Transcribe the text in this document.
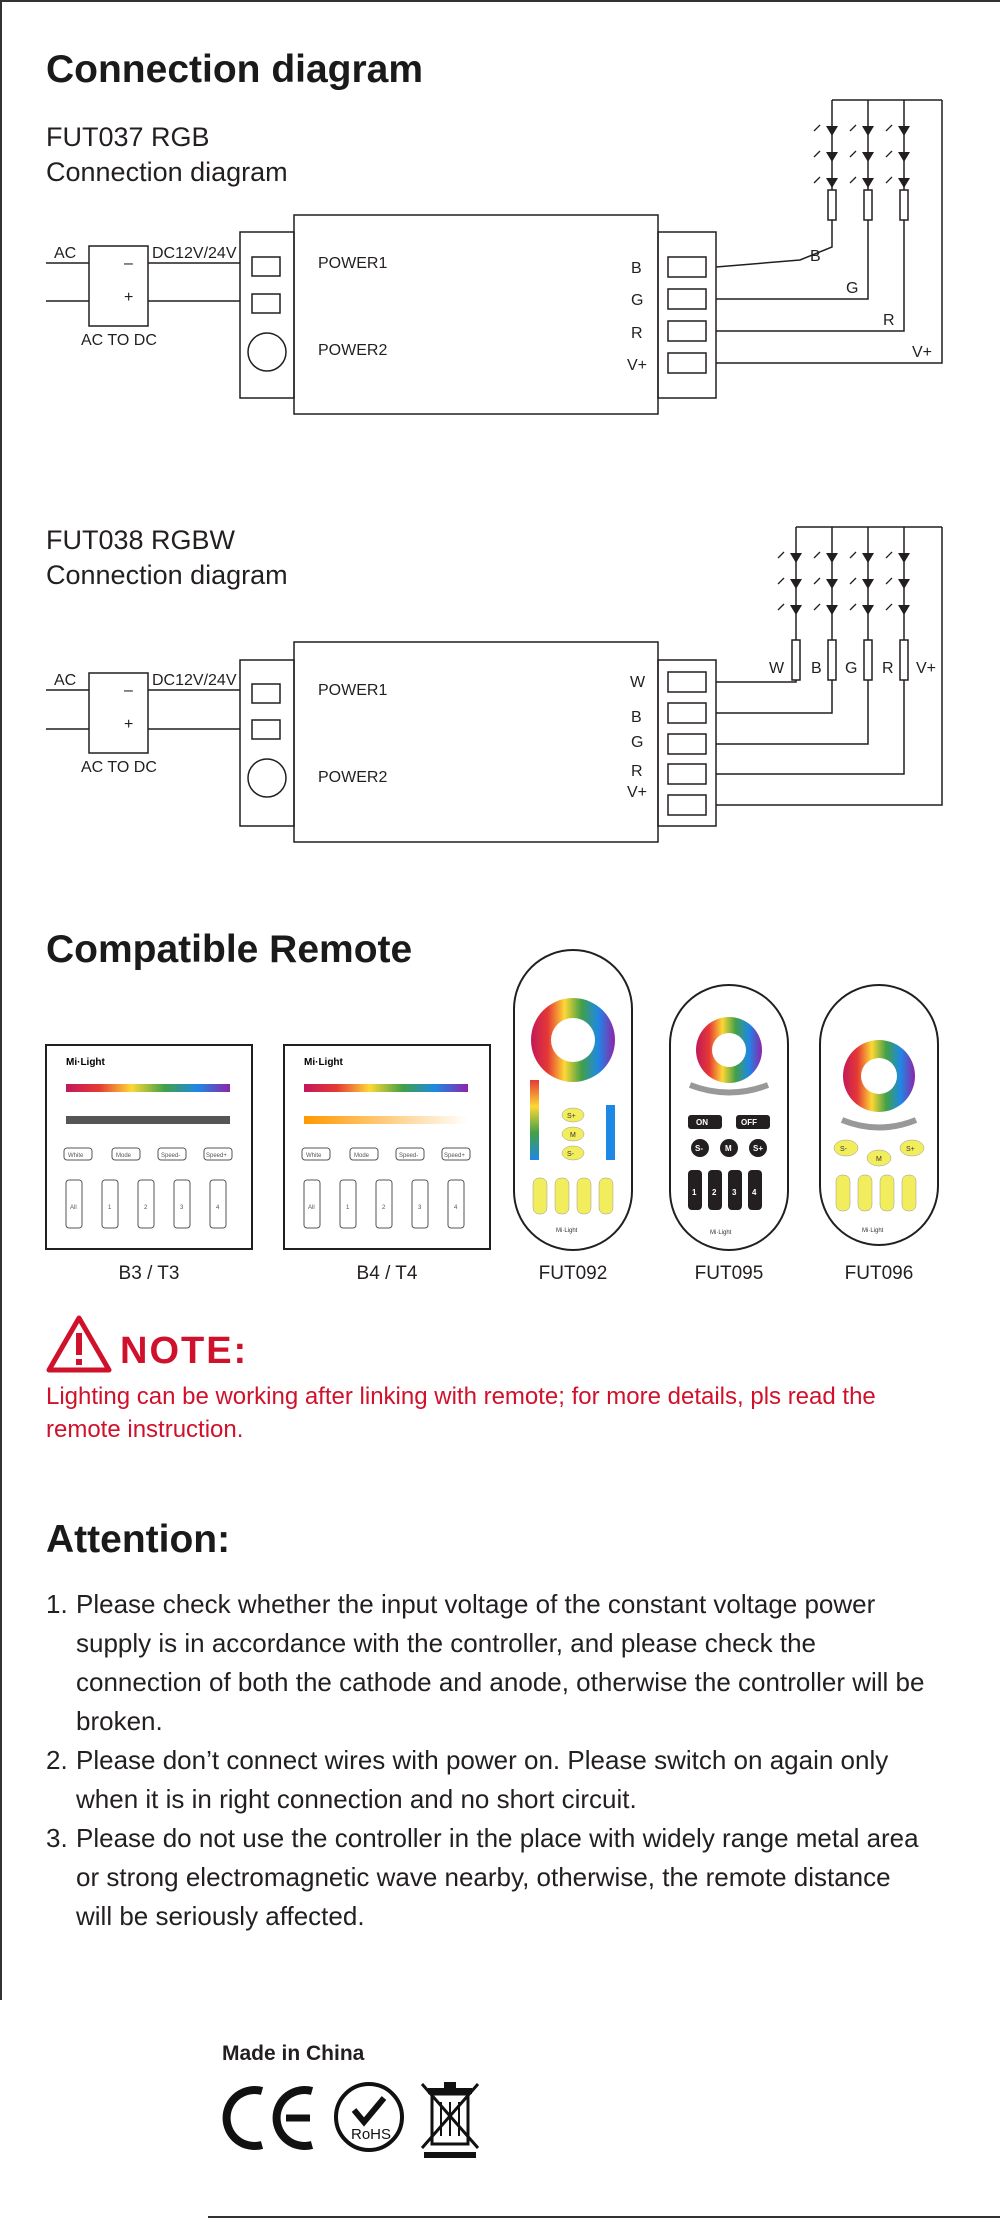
Connection diagram
FUT037 RGB
Connection diagram
AC
–
+
DC12V/24V
AC TO DC
POWER1
POWER2
B
G
R
V+
B
G
R
V+
FUT038 RGBW
Connection diagram
AC
–
+
DC12V/24V
AC TO DC
POWER1
POWER2
W
B
G
R
V+
W B G R V+
Compatible Remote
Mi·Light
White	Mode	Speed-	Speed+
All	1	2	3	4
Mi·Light
White	Mode	Speed-	Speed+
All	1	2	3	4
S+
M
S-
Mi·Light
ON	OFF
S-	M	S+
1 2 3 4
Mi·Light
S-
M
S+
Mi·Light
B3 / T3	B4 / T4	FUT092	FUT095	FUT096
NOTE:
Lighting can be working after linking with remote; for more details, pls read the remote instruction.
Attention:
1. Please check whether the input voltage of the constant voltage power supply is in accordance with the controller, and please check the connection of both the cathode and anode, otherwise the controller will be broken.
2. Please don’t connect wires with power on. Please switch on again only when it is in right connection and no short circuit.
3. Please do not use the controller in the place with widely range metal area or strong electromagnetic wave nearby, otherwise, the remote distance will be seriously affected.
Made in China
RoHS
